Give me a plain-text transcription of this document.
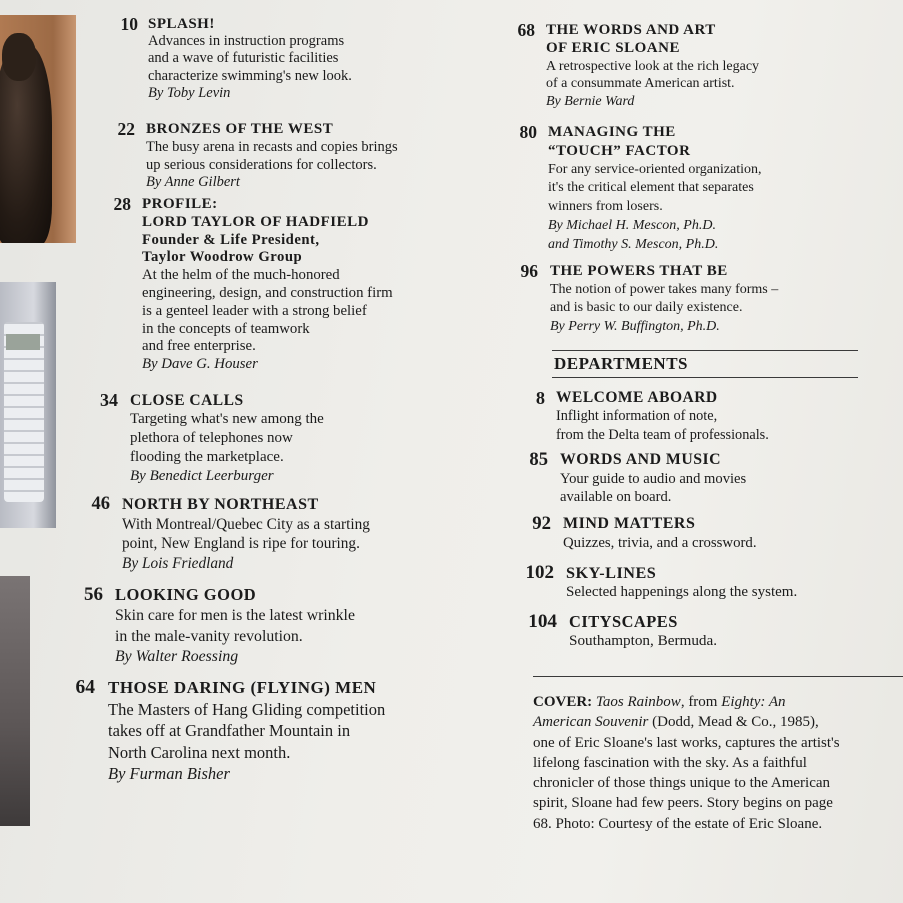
10 SPLASH!
Advances in instruction programs
and a wave of futuristic facilities
characterize swimming's new look.
By Toby Levin
22 BRONZES OF THE WEST
The busy arena in recasts and copies brings
up serious considerations for collectors.
By Anne Gilbert
28 PROFILE:
LORD TAYLOR OF HADFIELD
Founder & Life President,
Taylor Woodrow Group
At the helm of the much-honored
engineering, design, and construction firm
is a genteel leader with a strong belief
in the concepts of teamwork
and free enterprise.
By Dave G. Houser
34 CLOSE CALLS
Targeting what's new among the
plethora of telephones now
flooding the marketplace.
By Benedict Leerburger
46 NORTH BY NORTHEAST
With Montreal/Quebec City as a starting
point, New England is ripe for touring.
By Lois Friedland
56 LOOKING GOOD
Skin care for men is the latest wrinkle
in the male-vanity revolution.
By Walter Roessing
64 THOSE DARING (FLYING) MEN
The Masters of Hang Gliding competition
takes off at Grandfather Mountain in
North Carolina next month.
By Furman Bisher
68 THE WORDS AND ART
OF ERIC SLOANE
A retrospective look at the rich legacy
of a consummate American artist.
By Bernie Ward
80 MANAGING THE
“TOUCH” FACTOR
For any service-oriented organization,
it's the critical element that separates
winners from losers.
By Michael H. Mescon, Ph.D.
and Timothy S. Mescon, Ph.D.
96 THE POWERS THAT BE
The notion of power takes many forms –
and is basic to our daily existence.
By Perry W. Buffington, Ph.D.
DEPARTMENTS
8 WELCOME ABOARD
Inflight information of note,
from the Delta team of professionals.
85 WORDS AND MUSIC
Your guide to audio and movies
available on board.
92 MIND MATTERS
Quizzes, trivia, and a crossword.
102 SKY-LINES
Selected happenings along the system.
104 CITYSCAPES
Southampton, Bermuda.
COVER: Taos Rainbow, from Eighty: An
American Souvenir (Dodd, Mead & Co., 1985),
one of Eric Sloane's last works, captures the artist's
lifelong fascination with the sky. As a faithful
chronicler of those things unique to the American
spirit, Sloane had few peers. Story begins on page
68. Photo: Courtesy of the estate of Eric Sloane.
